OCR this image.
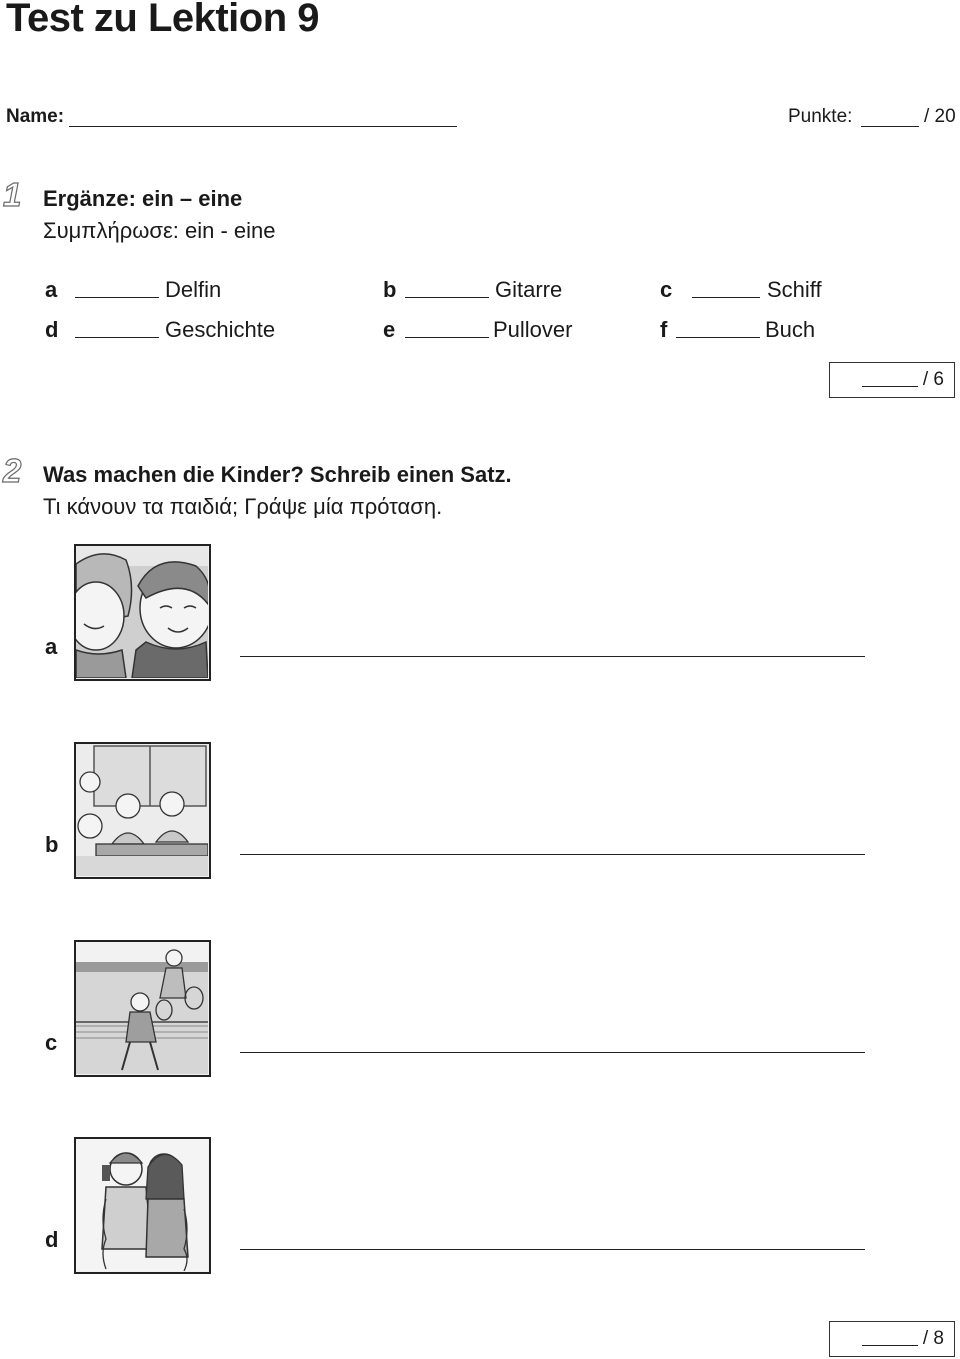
Test zu Lektion 9
Name:	Punkte:	/ 20
1 Ergänze: ein – eine
Συμπλήρωσε: ein - eine
a	Delfin	b	Gitarre	c	Schiff
d	Geschichte	e	Pullover	f	Buch
/ 6
2 Was machen die Kinder? Schreib einen Satz.
Τι κάνουν τα παιδιά; Γράψε μία πρόταση.
a
b
c
d
/ 8
